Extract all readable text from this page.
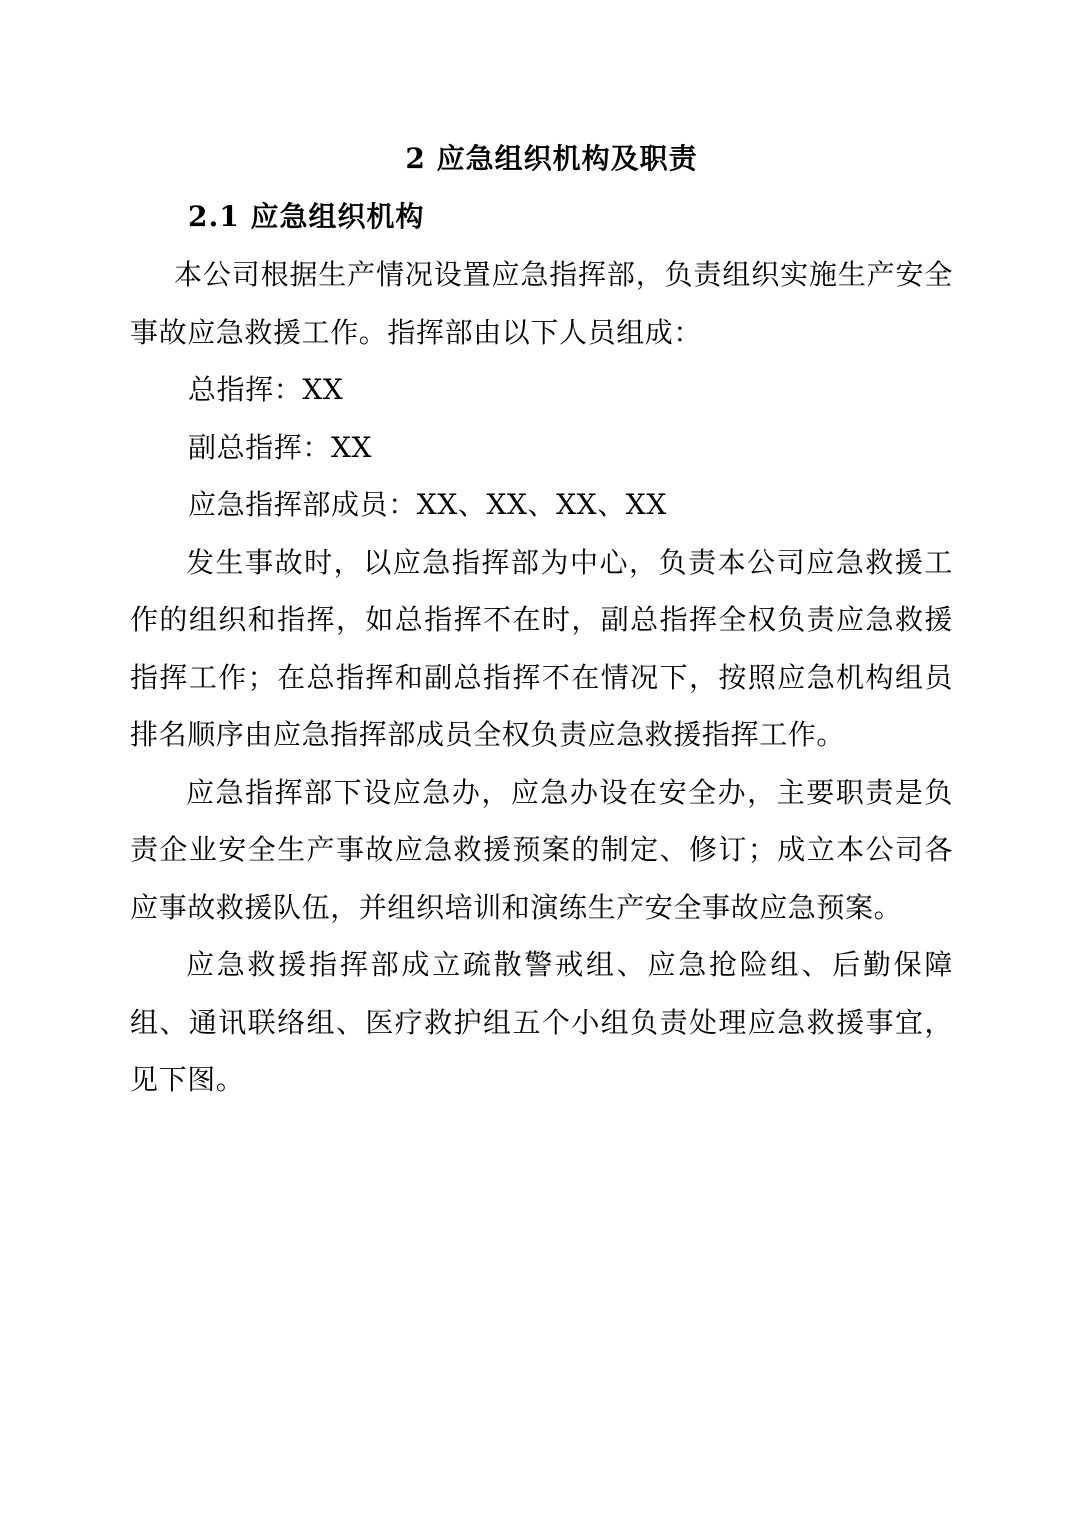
2 应急组织机构及职责
2.1 应急组织机构

本公司根据生产情况设置应急指挥部，负责组织实施生产安全事故应急救援工作。指挥部由以下人员组成：

总指挥：XX

副总指挥：XX

应急指挥部成员：XX、XX、XX、XX

发生事故时，以应急指挥部为中心，负责本公司应急救援工作的组织和指挥，如总指挥不在时，副总指挥全权负责应急救援指挥工作；在总指挥和副总指挥不在情况下，按照应急机构组员排名顺序由应急指挥部成员全权负责应急救援指挥工作。

应急指挥部下设应急办，应急办设在安全办，主要职责是负责企业安全生产事故应急救援预案的制定、修订；成立本公司各应事故救援队伍，并组织培训和演练生产安全事故应急预案。

应急救援指挥部成立疏散警戒组、应急抢险组、后勤保障组、通讯联络组、医疗救护组五个小组负责处理应急救援事宜，见下图。
